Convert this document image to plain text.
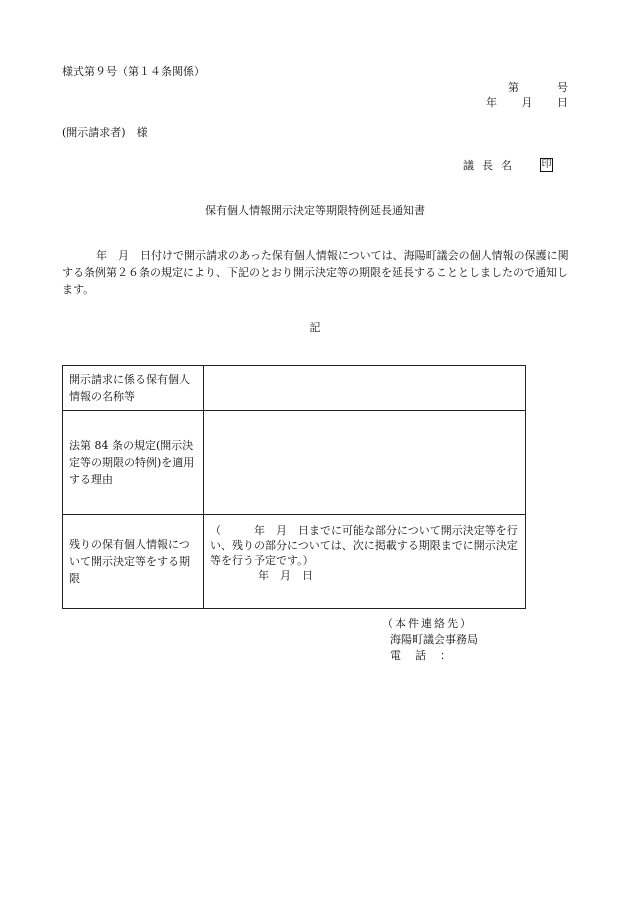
様式第９号（第１４条関係）
第	号
年 月 日
(開示請求者)　様
議長名 印
保有個人情報開示決定等期限特例延長通知書
年　月　日付けで開示請求のあった保有個人情報については、海陽町議会の個人情報の保護に関する条例第２６条の規定により、下記のとおり開示決定等の期限を延長することとしましたので通知します。
記
開示請求に係る保有個人情報の名称等	
法第 84 条の規定(開示決定等の期限の特例)を適用する理由	
残りの保有個人情報について開示決定等をする期限	（　　　年　月　日までに可能な部分について開示決定等を行い、残りの部分については、次に掲載する期限までに開示決定等を行う予定です。）
年　月　日
（本件連絡先）
海陽町議会事務局
電話：
